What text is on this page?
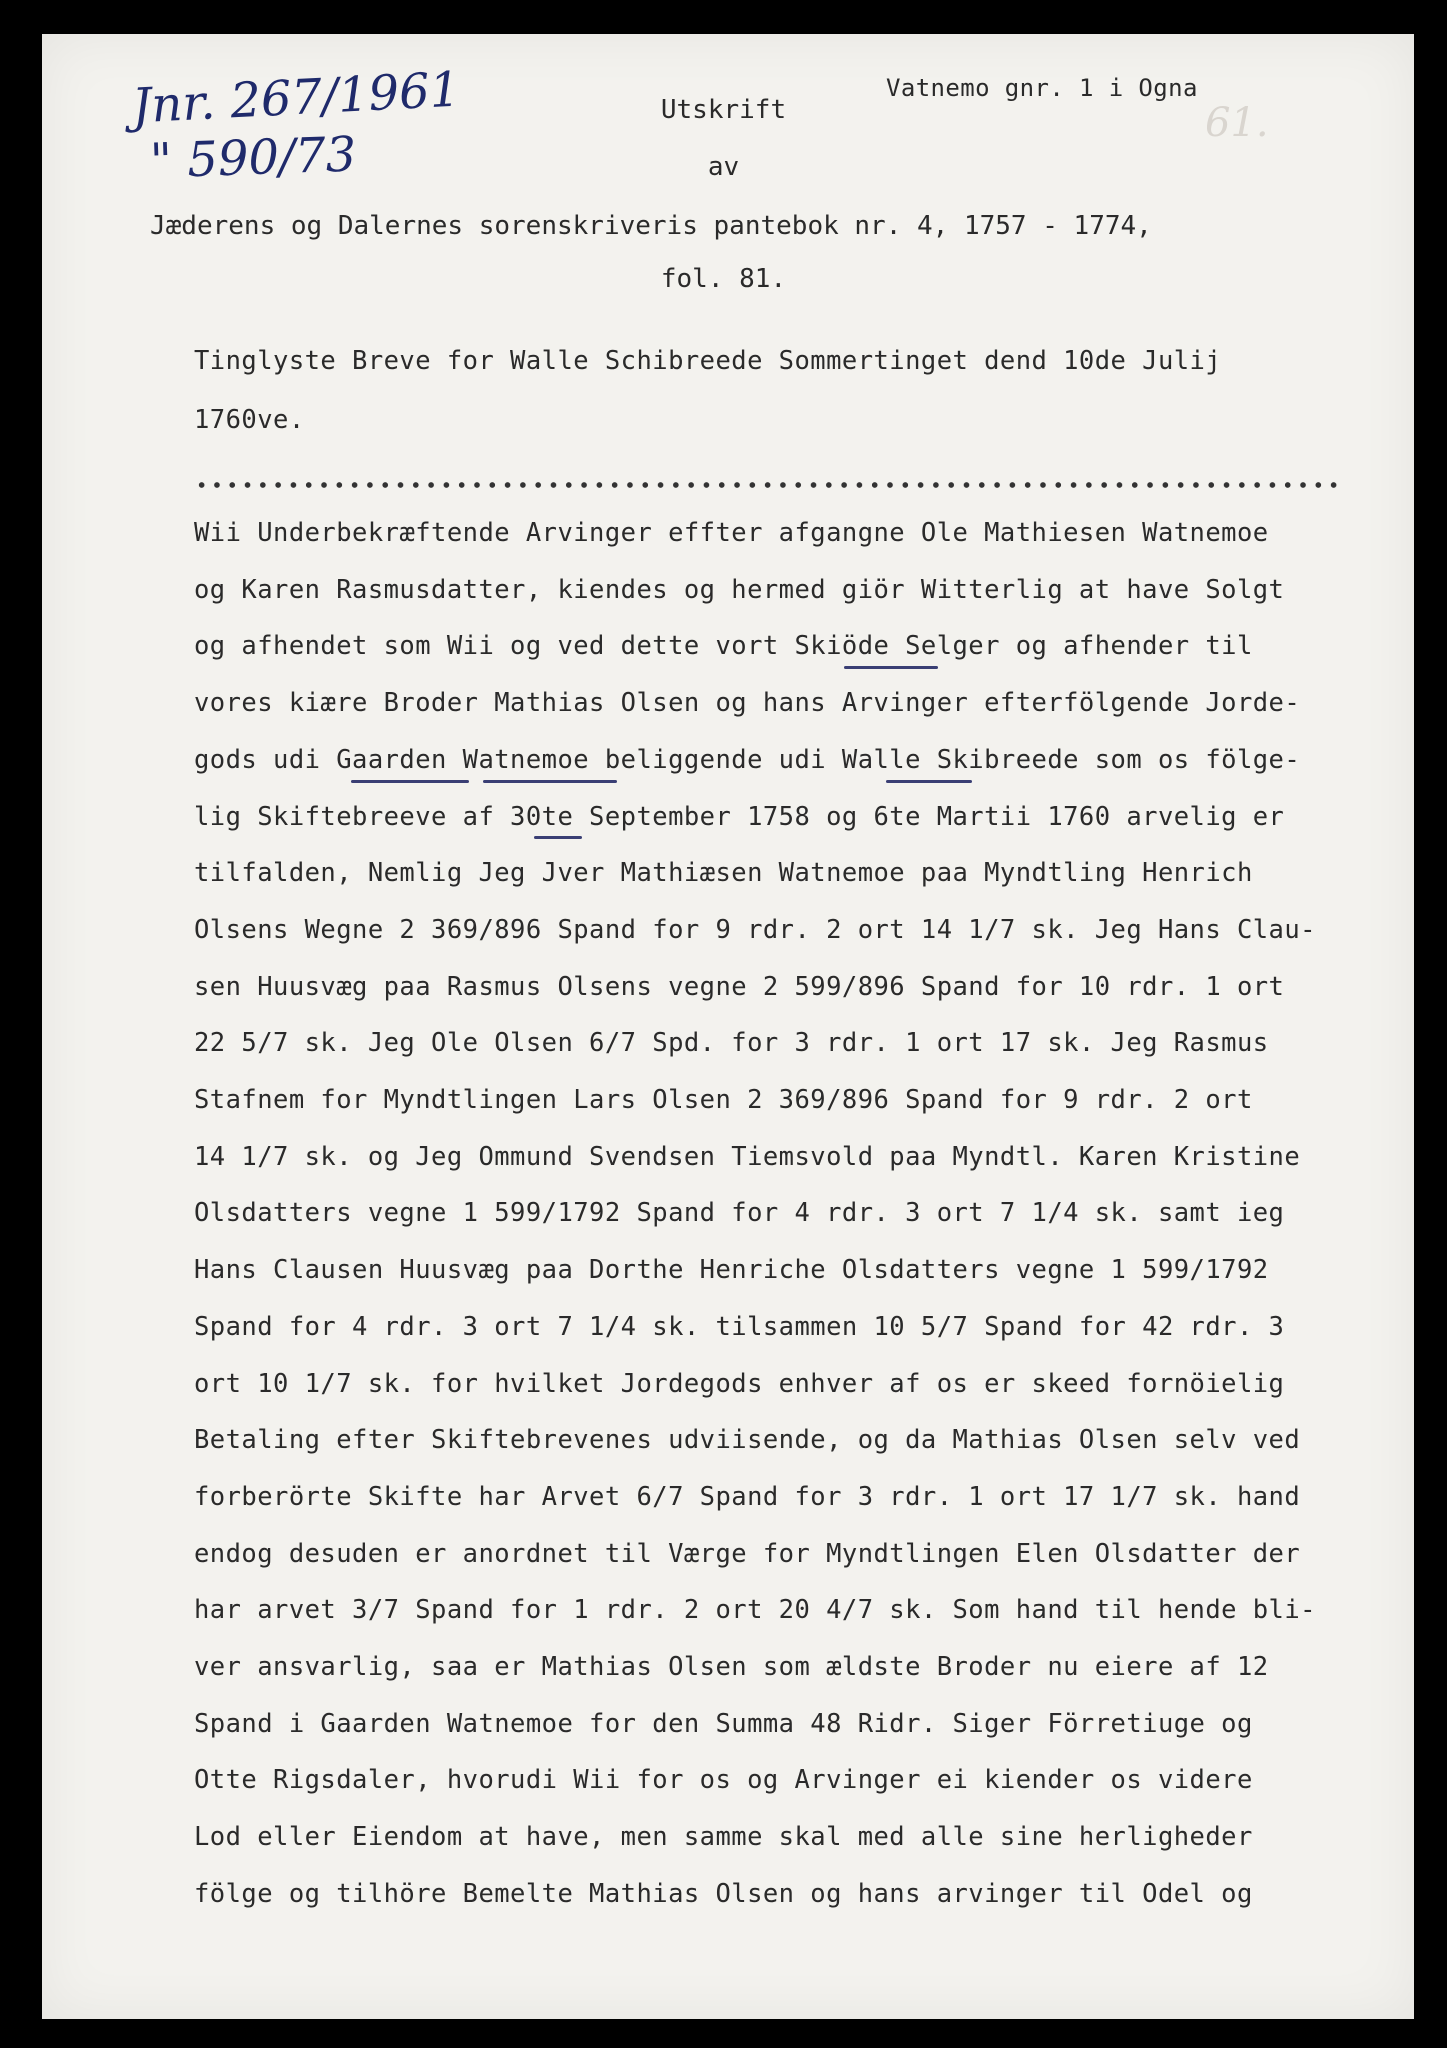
Jnr. 267/1961
" 590/73
61.
Vatnemo gnr. 1 i Ogna
Utskrift
av
Jæderens og Dalernes sorenskriveris pantebok nr. 4, 1757 - 1774,
fol. 81.
Tinglyste Breve for Walle Schibreede Sommertinget dend 10de Julij
1760ve.
Wii Underbekræftende Arvinger effter afgangne Ole Mathiesen Watnemoe
og Karen Rasmusdatter, kiendes og hermed giör Witterlig at have Solgt
og afhendet som Wii og ved dette vort Skiöde Selger og afhender til
vores kiære Broder Mathias Olsen og hans Arvinger efterfölgende Jorde-
gods udi Gaarden Watnemoe beliggende udi Walle Skibreede som os fölge-
lig Skiftebreeve af 30te September 1758 og 6te Martii 1760 arvelig er
tilfalden, Nemlig Jeg Jver Mathiæsen Watnemoe paa Myndtling Henrich
Olsens Wegne 2 369/896 Spand for 9 rdr. 2 ort 14 1/7 sk. Jeg Hans Clau-
sen Huusvæg paa Rasmus Olsens vegne 2 599/896 Spand for 10 rdr. 1 ort
22 5/7 sk. Jeg Ole Olsen 6/7 Spd. for 3 rdr. 1 ort 17 sk. Jeg Rasmus
Stafnem for Myndtlingen Lars Olsen 2 369/896 Spand for 9 rdr. 2 ort
14 1/7 sk. og Jeg Ommund Svendsen Tiemsvold paa Myndtl. Karen Kristine
Olsdatters vegne 1 599/1792 Spand for 4 rdr. 3 ort 7 1/4 sk. samt ieg
Hans Clausen Huusvæg paa Dorthe Henriche Olsdatters vegne 1 599/1792
Spand for 4 rdr. 3 ort 7 1/4 sk. tilsammen 10 5/7 Spand for 42 rdr. 3
ort 10 1/7 sk. for hvilket Jordegods enhver af os er skeed fornöielig
Betaling efter Skiftebrevenes udviisende, og da Mathias Olsen selv ved
forberörte Skifte har Arvet 6/7 Spand for 3 rdr. 1 ort 17 1/7 sk. hand
endog desuden er anordnet til Værge for Myndtlingen Elen Olsdatter der
har arvet 3/7 Spand for 1 rdr. 2 ort 20 4/7 sk. Som hand til hende bli-
ver ansvarlig, saa er Mathias Olsen som ældste Broder nu eiere af 12
Spand i Gaarden Watnemoe for den Summa 48 Ridr. Siger Förretiuge og
Otte Rigsdaler, hvorudi Wii for os og Arvinger ei kiender os videre
Lod eller Eiendom at have, men samme skal med alle sine herligheder
fölge og tilhöre Bemelte Mathias Olsen og hans arvinger til Odel og
